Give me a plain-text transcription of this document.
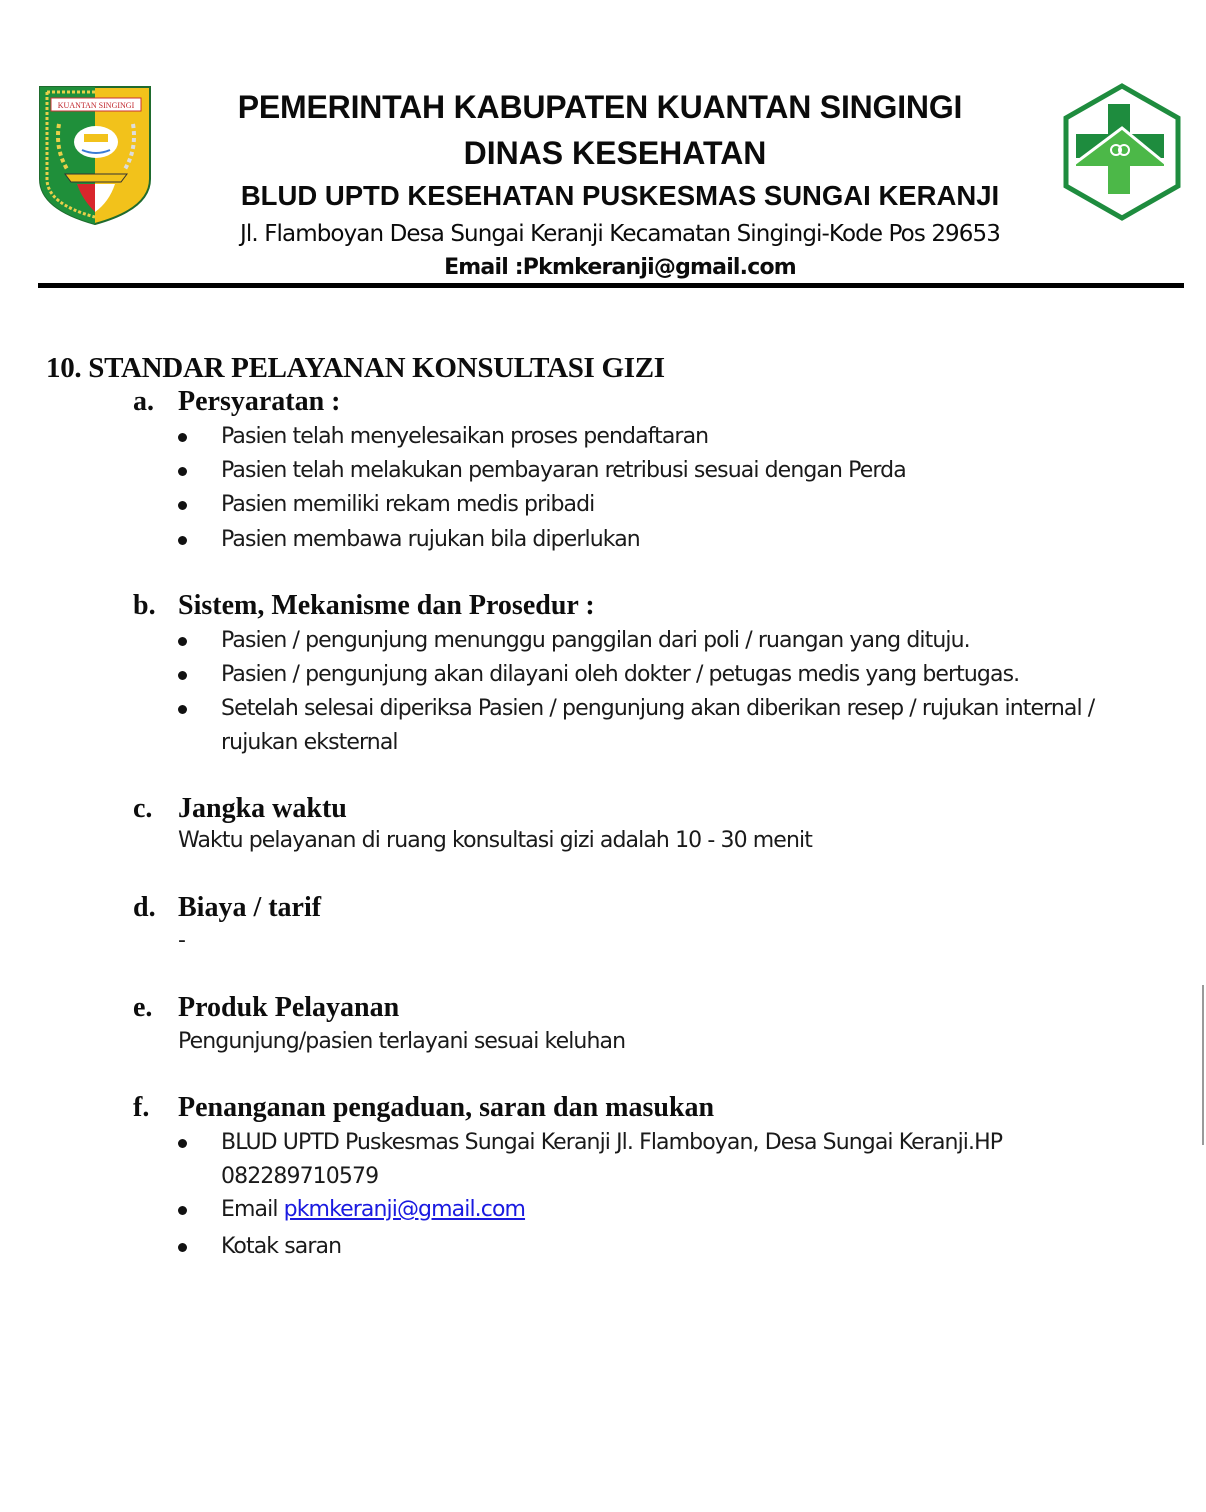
KUANTAN SINGINGI	PEMERINTAH KABUPATEN KUANTAN SINGINGI
DINAS KESEHATAN
BLUD UPTD KESEHATAN PUSKESMAS SUNGAI KERANJI
Jl. Flamboyan Desa Sungai Keranji Kecamatan Singingi-Kode Pos 29653
Email :Pkmkeranji@gmail.com
10. STANDAR PELAYANAN KONSULTASI GIZI
a. Persyaratan :
Pasien telah menyelesaikan proses pendaftaran
Pasien telah melakukan pembayaran retribusi sesuai dengan Perda
Pasien memiliki rekam medis pribadi
Pasien membawa rujukan bila diperlukan
b. Sistem, Mekanisme dan Prosedur :
Pasien / pengunjung menunggu panggilan dari poli / ruangan yang dituju.
Pasien / pengunjung akan dilayani oleh dokter / petugas medis yang bertugas.
Setelah selesai diperiksa Pasien / pengunjung akan diberikan resep / rujukan internal /
rujukan eksternal
c. Jangka waktu
Waktu pelayanan di ruang konsultasi gizi adalah 10 - 30 menit
d. Biaya / tarif
-
e. Produk Pelayanan
Pengunjung/pasien terlayani sesuai keluhan
f. Penanganan pengaduan, saran dan masukan
BLUD UPTD Puskesmas Sungai Keranji Jl. Flamboyan, Desa Sungai Keranji.HP
082289710579
Email pkmkeranji@gmail.com
Kotak saran
